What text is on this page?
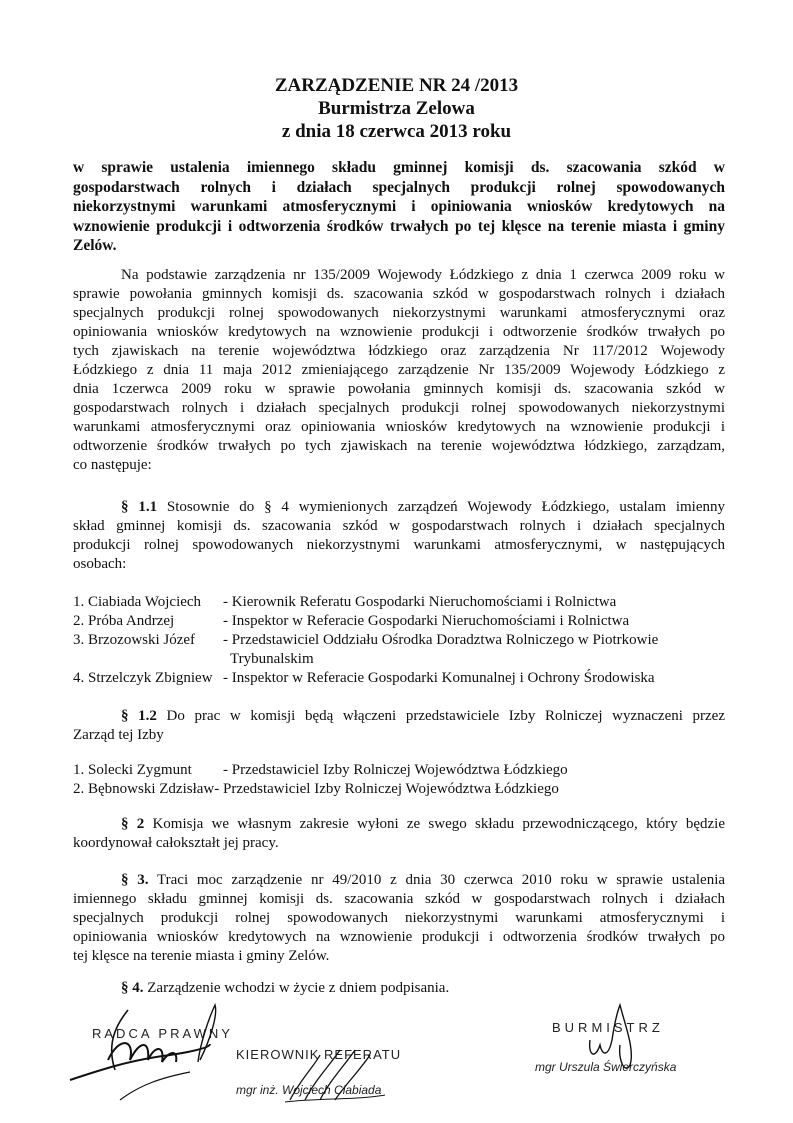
ZARZĄDZENIE NR 24 /2013
Burmistrza Zelowa
z dnia 18 czerwca 2013 roku
w sprawie ustalenia imiennego składu gminnej komisji ds. szacowania szkód w
gospodarstwach rolnych i działach specjalnych produkcji rolnej spowodowanych
niekorzystnymi warunkami atmosferycznymi i opiniowania wniosków kredytowych na
wznowienie produkcji i odtworzenia środków trwałych po tej klęsce na terenie miasta i gminy
Zelów.
Na podstawie zarządzenia nr 135/2009 Wojewody Łódzkiego z dnia 1 czerwca 2009 roku w
sprawie powołania gminnych komisji ds. szacowania szkód w gospodarstwach rolnych i działach
specjalnych produkcji rolnej spowodowanych niekorzystnymi warunkami atmosferycznymi oraz
opiniowania wniosków kredytowych na wznowienie produkcji i odtworzenie środków trwałych po
tych zjawiskach na terenie województwa łódzkiego oraz zarządzenia Nr 117/2012 Wojewody
Łódzkiego z dnia 11 maja 2012 zmieniającego zarządzenie Nr 135/2009 Wojewody Łódzkiego z
dnia 1czerwca 2009 roku w sprawie powołania gminnych komisji ds. szacowania szkód w
gospodarstwach rolnych i działach specjalnych produkcji rolnej spowodowanych niekorzystnymi
warunkami atmosferycznymi oraz opiniowania wniosków kredytowych na wznowienie produkcji i
odtworzenie środków trwałych po tych zjawiskach na terenie województwa łódzkiego, zarządzam,
co następuje:
§ 1.1 Stosownie do § 4 wymienionych zarządzeń Wojewody Łódzkiego, ustalam imienny
skład gminnej komisji ds. szacowania szkód w gospodarstwach rolnych i działach specjalnych
produkcji rolnej spowodowanych niekorzystnymi warunkami atmosferycznymi, w następujących
osobach:
1. Ciabiada Wojciech	- Kierownik Referatu Gospodarki Nieruchomościami i Rolnictwa
2. Próba Andrzej	- Inspektor w Referacie Gospodarki Nieruchomościami i Rolnictwa
3. Brzozowski Józef	- Przedstawiciel Oddziału Ośrodka Doradztwa Rolniczego w Piotrkowie
Trybunalskim
4. Strzelczyk Zbigniew - Inspektor w Referacie Gospodarki Komunalnej i Ochrony Środowiska
§ 1.2 Do prac w komisji będą włączeni przedstawiciele Izby Rolniczej wyznaczeni przez
Zarząd tej Izby
1. Solecki Zygmunt	- Przedstawiciel Izby Rolniczej Województwa Łódzkiego
2. Bębnowski Zdzisław - Przedstawiciel Izby Rolniczej Województwa Łódzkiego
§ 2 Komisja we własnym zakresie wyłoni ze swego składu przewodniczącego, który będzie
koordynował całokształt jej pracy.
§ 3. Traci moc zarządzenie nr 49/2010 z dnia 30 czerwca 2010 roku w sprawie ustalenia
imiennego składu gminnej komisji ds. szacowania szkód w gospodarstwach rolnych i działach
specjalnych produkcji rolnej spowodowanych niekorzystnymi warunkami atmosferycznymi i
opiniowania wniosków kredytowych na wznowienie produkcji i odtworzenia środków trwałych po
tej klęsce na terenie miasta i gminy Zelów.
§ 4. Zarządzenie wchodzi w życie z dniem podpisania.
RADCA PRAWNY
KIEROWNIK REFERATU
mgr inż. Wojciech Ciabiada
BURMISTRZ
mgr Urszula Świerczyńska
